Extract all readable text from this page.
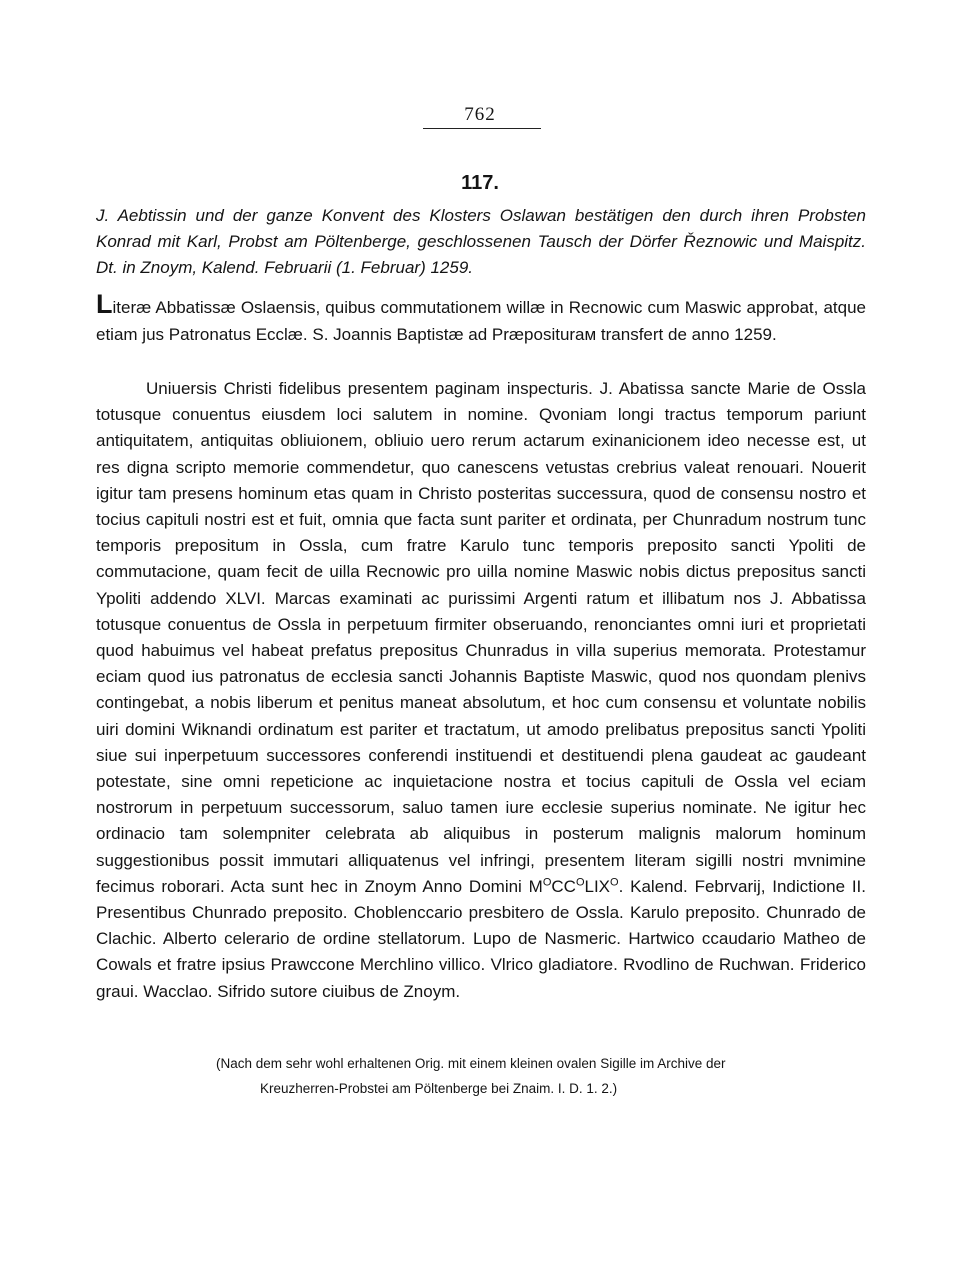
762
117.
J. Aebtissin und der ganze Konvent des Klosters Oslawan bestätigen den durch ihren Probsten Konrad mit Karl, Probst am Pöltenberge, geschlossenen Tausch der Dörfer Řeznowic und Maispitz. Dt. in Znoym, Kalend. Februarii (1. Februar) 1259.
Literæ Abbatissæ Oslaensis, quibus commutationem willæ in Recnowic cum Maswic approbat, atque etiam jus Patronatus Ecclæ. S. Joannis Baptistæ ad Præpositurам transfert de anno 1259.
Uniuersis Christi fidelibus presentem paginam inspecturis. J. Abatissa sancte Marie de Ossla totusque conuentus eiusdem loci salutem in nomine. Qvoniam longi tractus temporum pariunt antiquitatem, antiquitas obliuionem, obliuio uero rerum actarum exinanicionem ideo necesse est, ut res digna scripto memorie commendetur, quo canescens vetustas crebrius valeat renouari. Nouerit igitur tam presens hominum etas quam in Christo posteritas successura, quod de consensu nostro et tocius capituli nostri est et fuit, omnia que facta sunt pariter et ordinata, per Chunradum nostrum tunc temporis prepositum in Ossla, cum fratre Karulo tunc temporis preposito sancti Ypoliti de commutacione, quam fecit de uilla Recnowic pro uilla nomine Maswic nobis dictus prepositus sancti Ypoliti addendo XLVI. Marcas examinati ac purissimi Argenti ratum et illibatum nos J. Abbatissa totusque conuentus de Ossla in perpetuum firmiter obseruando, renonciantes omni iuri et proprietati quod habuimus vel habeat prefatus prepositus Chunradus in villa superius memorata. Protestamur eciam quod ius patronatus de ecclesia sancti Johannis Baptiste Maswic, quod nos quondam plenivs contingebat, a nobis liberum et penitus maneat absolutum, et hoc cum consensu et voluntate nobilis uiri domini Wiknandi ordinatum est pariter et tractatum, ut amodo prelibatus prepositus sancti Ypoliti siue sui inperpetuum successores conferendi instituendi et destituendi plena gaudeat ac gaudeant potestate, sine omni repeticione ac inquietacione nostra et tocius capituli de Ossla vel eciam nostrorum in perpetuum successorum, saluo tamen iure ecclesie superius nominate. Ne igitur hec ordinacio tam solempniter celebrata ab aliquibus in posterum malignis malorum hominum suggestionibus possit immutari alliquatenus vel infringi, presentem literam sigilli nostri mvnimine fecimus roborari. Acta sunt hec in Znoym Anno Domini $M^OCC^OLIX^O$. Kalend. Febrvarij, Indictione II. Presentibus Chunrado preposito. Choblenccario presbitero de Ossla. Karulo preposito. Chunrado de Clachic. Alberto celerario de ordine stellatorum. Lupo de Nasmeric. Hartwico ccaudario Matheo de Cowals et fratre ipsius Prawccone Merchlino villico. Vlrico gladiatore. Rvodlino de Ruchwan. Friderico graui. Wacclao. Sifrido sutore ciuibus de Znoym.
(Nach dem sehr wohl erhaltenen Orig. mit einem kleinen ovalen Sigille im Archive der
Kreuzherren-Probstei am Pöltenberge bei Znaim. I. D. 1. 2.)
